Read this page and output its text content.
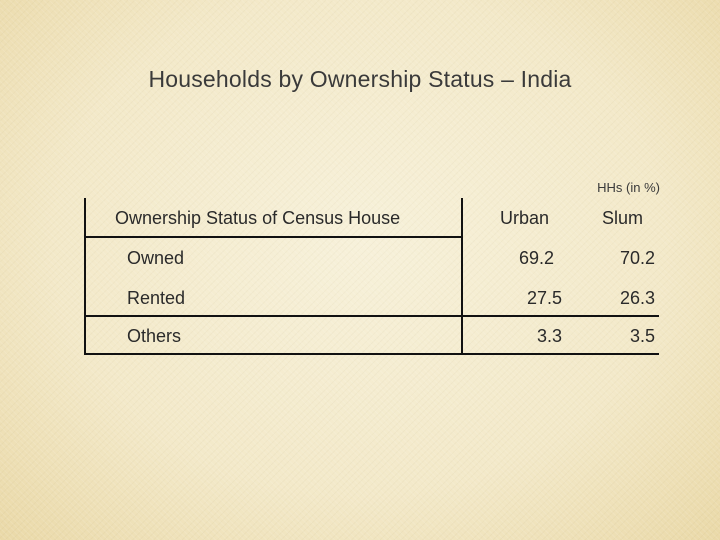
Households by Ownership Status – India
HHs (in %)
Ownership Status of Census House	Urban	Slum
Owned	69.2	70.2
Rented	27.5	26.3
Others	3.3	3.5
